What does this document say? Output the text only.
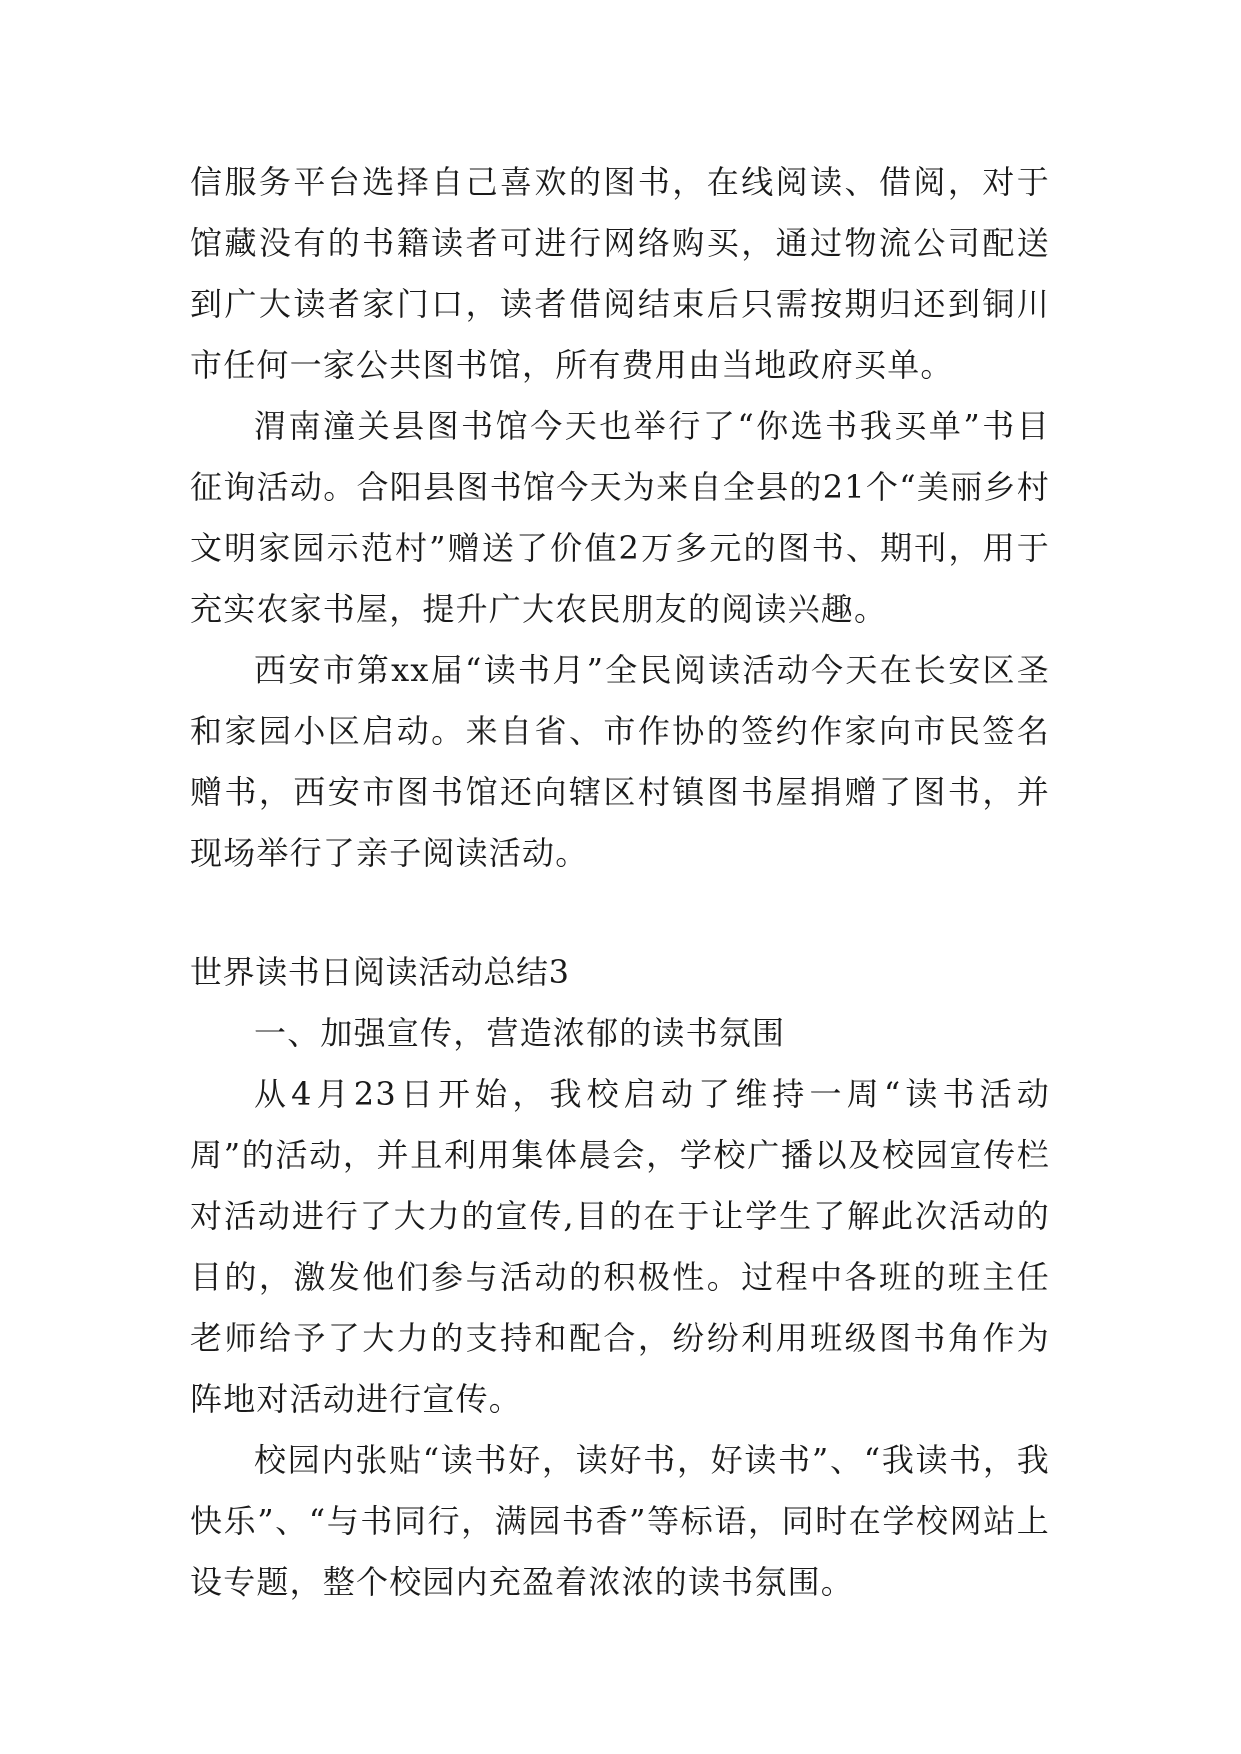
信服务平台选择自己喜欢的图书，在线阅读、借阅，对于馆藏没有的书籍读者可进行网络购买，通过物流公司配送到广大读者家门口，读者借阅结束后只需按期归还到铜川市任何一家公共图书馆，所有费用由当地政府买单。

渭南潼关县图书馆今天也举行了“你选书我买单”书目征询活动。合阳县图书馆今天为来自全县的21个“美丽乡村文明家园示范村”赠送了价值2万多元的图书、期刊，用于充实农家书屋，提升广大农民朋友的阅读兴趣。

西安市第xx届“读书月”全民阅读活动今天在长安区圣和家园小区启动。来自省、市作协的签约作家向市民签名赠书，西安市图书馆还向辖区村镇图书屋捐赠了图书，并现场举行了亲子阅读活动。

世界读书日阅读活动总结3

一、加强宣传，营造浓郁的读书氛围

从4月23日开始，我校启动了维持一周“读书活动周”的活动，并且利用集体晨会，学校广播以及校园宣传栏对活动进行了大力的宣传,目的在于让学生了解此次活动的目的，激发他们参与活动的积极性。过程中各班的班主任老师给予了大力的支持和配合，纷纷利用班级图书角作为阵地对活动进行宣传。

校园内张贴“读书好，读好书，好读书”、“我读书，我快乐”、“与书同行，满园书香”等标语，同时在学校网站上设专题，整个校园内充盈着浓浓的读书氛围。
